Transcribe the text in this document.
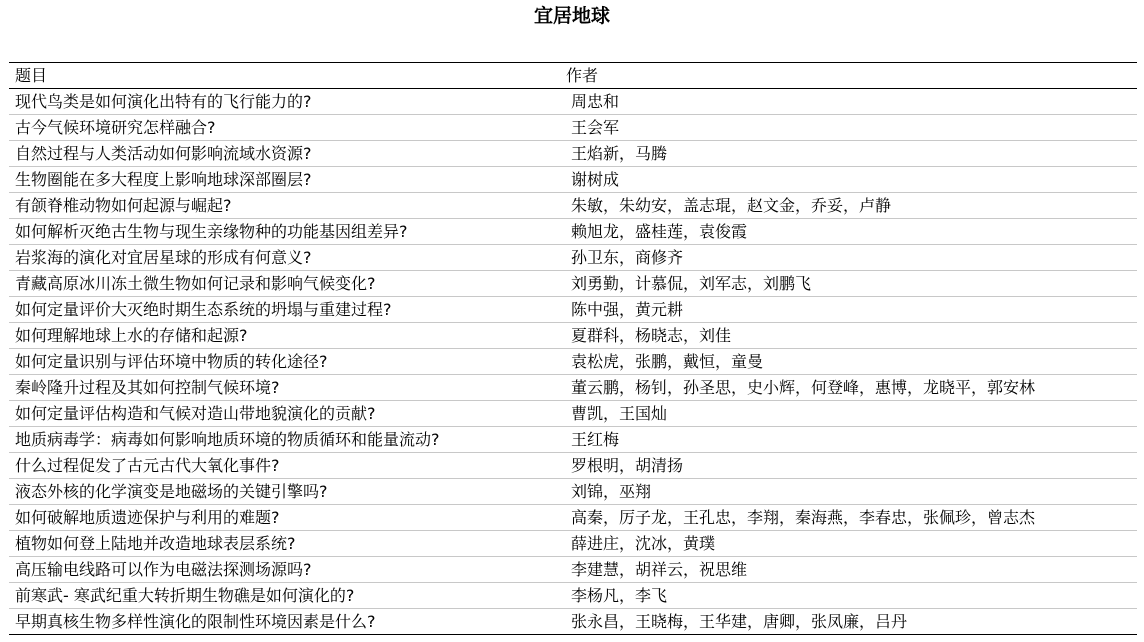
宜居地球
题目	作者
现代鸟类是如何演化出特有的飞行能力的?	周忠和
古今气候环境研究怎样融合?	王会军
自然过程与人类活动如何影响流域水资源?	王焰新，马腾
生物圈能在多大程度上影响地球深部圈层?	谢树成
有颌脊椎动物如何起源与崛起?	朱敏，朱幼安，盖志琨，赵文金，乔妥，卢静
如何解析灭绝古生物与现生亲缘物种的功能基因组差异?	赖旭龙，盛桂莲，袁俊霞
岩浆海的演化对宜居星球的形成有何意义?	孙卫东，商修齐
青藏高原冰川冻土微生物如何记录和影响气候变化?	刘勇勤，计慕侃，刘军志，刘鹏飞
如何定量评价大灭绝时期生态系统的坍塌与重建过程?	陈中强，黄元耕
如何理解地球上水的存储和起源?	夏群科，杨晓志，刘佳
如何定量识别与评估环境中物质的转化途径?	袁松虎，张鹏，戴恒，童曼
秦岭隆升过程及其如何控制气候环境?	董云鹏，杨钊，孙圣思，史小辉，何登峰，惠博，龙晓平，郭安林
如何定量评估构造和气候对造山带地貌演化的贡献?	曹凯，王国灿
地质病毒学：病毒如何影响地质环境的物质循环和能量流动?	王红梅
什么过程促发了古元古代大氧化事件?	罗根明，胡清扬
液态外核的化学演变是地磁场的关键引擎吗?	刘锦，巫翔
如何破解地质遗迹保护与利用的难题?	高秦，厉子龙，王孔忠，李翔，秦海燕，李春忠，张佩珍，曾志杰
植物如何登上陆地并改造地球表层系统?	薛进庄，沈冰，黄璞
高压输电线路可以作为电磁法探测场源吗?	李建慧，胡祥云，祝思维
前寒武- 寒武纪重大转折期生物礁是如何演化的?	李杨凡，李飞
早期真核生物多样性演化的限制性环境因素是什么?	张永昌，王晓梅，王华建，唐卿，张凤廉，吕丹
